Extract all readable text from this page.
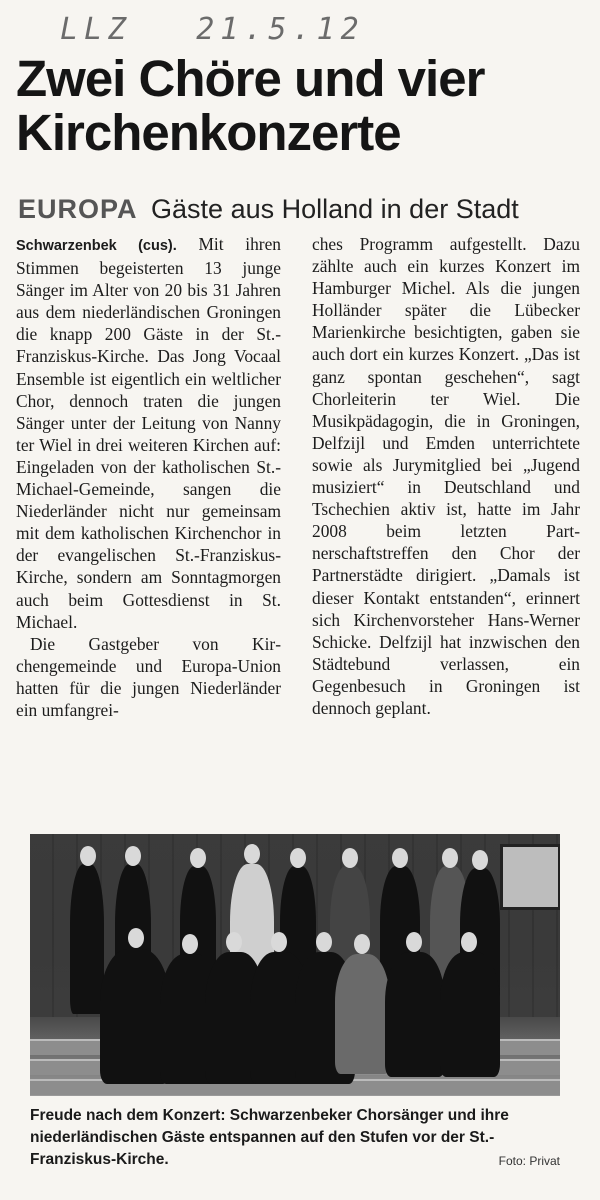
LLZ 21.5.12
Zwei Chöre und vier Kirchenkonzerte
EUROPA Gäste aus Holland in der Stadt

Schwarzenbek (cus). Mit ihren Stimmen begeisterten 13 junge Sänger im Alter von 20 bis 31 Jahren aus dem niederländischen Groningen die knapp 200 Gäste in der St.-Franziskus-Kirche. Das Jong Vocaal Ensemble ist eigentlich ein weltlicher Chor, dennoch traten die jungen Sänger unter der Leitung von Nanny ter Wiel in drei weiteren Kirchen auf: Eingeladen von der katholischen St.-Michael-Gemeinde, sangen die Niederländer nicht nur gemeinsam mit dem katholischen Kirchenchor in der evangelischen St.-Franziskus-Kirche, sondern am Sonntagmorgen auch beim Gottesdienst in St. Michael.

Die Gastgeber von Kirchengemeinde und Europa-Union hatten für die jungen Niederländer ein umfangrei-

ches Programm aufgestellt. Dazu zählte auch ein kurzes Konzert im Hamburger Michel. Als die jungen Holländer später die Lübecker Marienkirche besichtigten, gaben sie auch dort ein kurzes Konzert. „Das ist ganz spontan geschehen“, sagt Chorleiterin ter Wiel. Die Musikpädagogin, die in Groningen, Delfzijl und Emden unterrichtete sowie als Jurymitglied bei „Jugend musiziert“ in Deutschland und Tschechien aktiv ist, hatte im Jahr 2008 beim letzten Partnerschaftstreffen den Chor der Partnerstädte dirigiert. „Damals ist dieser Kontakt entstanden“, erinnert sich Kirchenvorsteher Hans-Werner Schicke. Delfzijl hat inzwischen den Städtebund verlassen, ein Gegenbesuch in Groningen ist dennoch geplant.

Freude nach dem Konzert: Schwarzenbeker Chorsänger und ihre niederländischen Gäste entspannen auf den Stufen vor der St.-Franziskus-Kirche.	Foto: Privat
